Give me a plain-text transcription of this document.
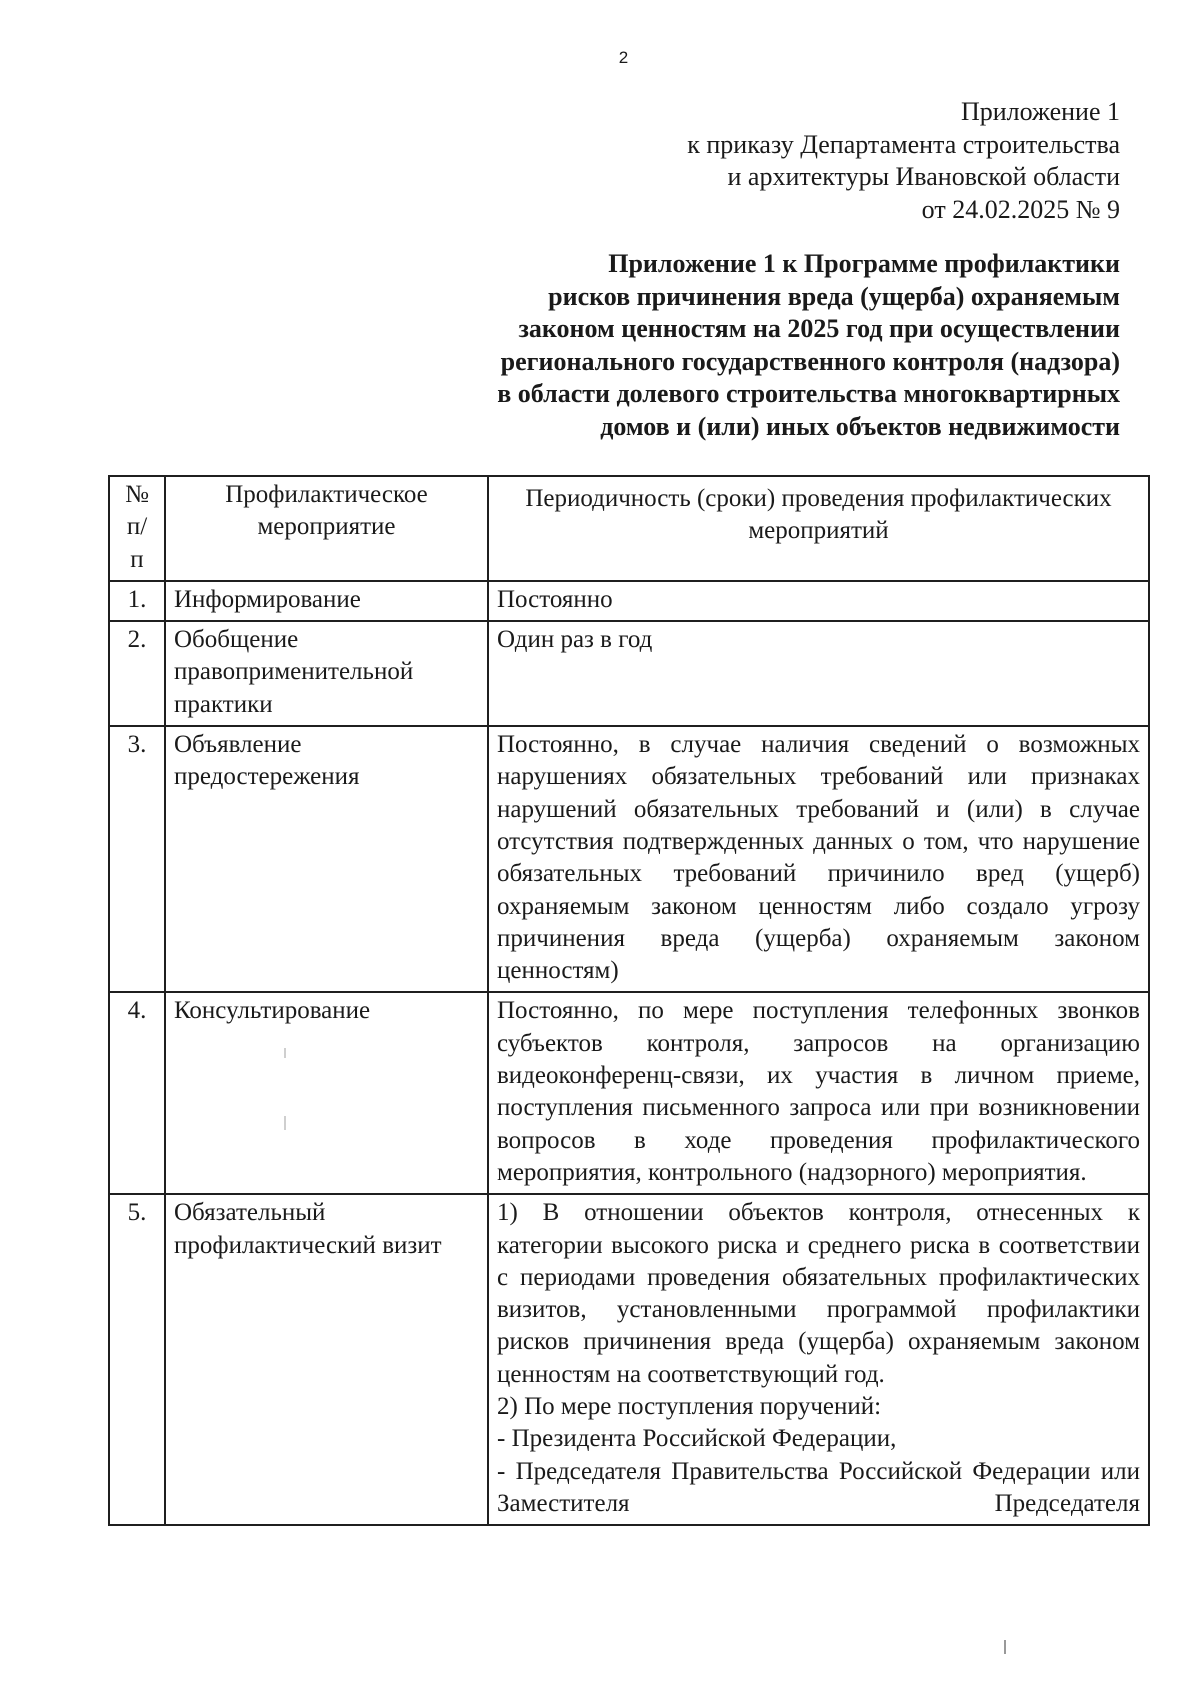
2
Приложение 1
к приказу Департамента строительства
и архитектуры Ивановской области
от 24.02.2025 № 9
Приложение 1 к Программе профилактики
рисков причинения вреда (ущерба) охраняемым
законом ценностям на 2025 год при осуществлении
регионального государственного контроля (надзора)
в области долевого строительства многоквартирных
домов и (или) иных объектов недвижимости
№
п/
п	Профилактическое мероприятие	Периодичность (сроки) проведения профилактических мероприятий
1.	Информирование	Постоянно
2.	Обобщение правоприменительной практики	Один раз в год
3.	Объявление предостережения	Постоянно, в случае наличия сведений о возможных нарушениях обязательных требований или признаках нарушений обязательных требований и (или) в случае отсутствия подтвержденных данных о том, что нарушение обязательных требований причинило вред (ущерб) охраняемым законом ценностям либо создало угрозу причинения вреда (ущерба) охраняемым законом ценностям)
4.	Консультирование	Постоянно, по мере поступления телефонных звонков субъектов контроля, запросов на организацию видеоконференц-связи, их участия в личном приеме, поступления письменного запроса или при возникновении вопросов в ходе проведения профилактического мероприятия, контрольного (надзорного) мероприятия.
5.	Обязательный профилактический визит	1) В отношении объектов контроля, отнесенных к категории высокого риска и среднего риска в соответствии с периодами проведения обязательных профилактических визитов, установленными программой профилактики рисков причинения вреда (ущерба) охраняемым законом ценностям на соответствующий год.
2) По мере поступления поручений:
- Президента Российской Федерации,
- Председателя Правительства Российской Федерации или Заместителя Председателя
